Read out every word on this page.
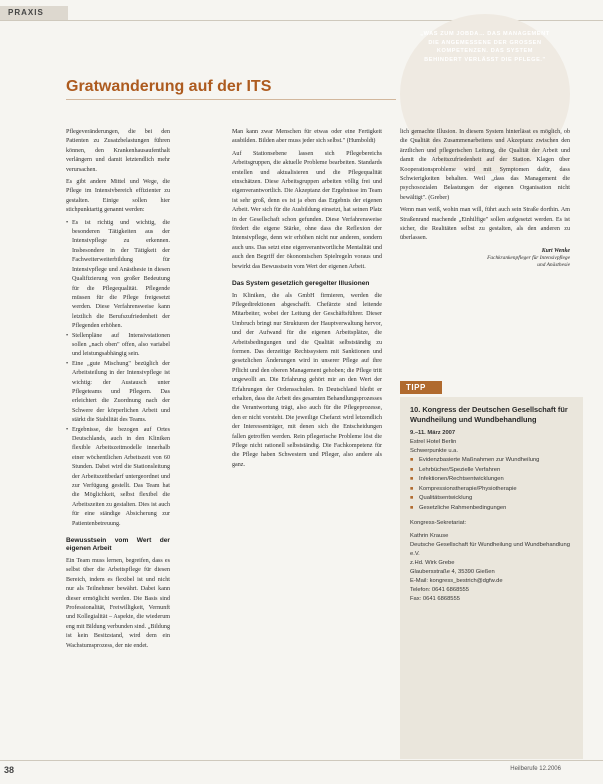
PRAXIS
„WAS ZUM JOBDA… DAS MANAGEMENT DIE ANGEMESSENE DER GROSSEN KOMPETENZEN. DAS SYSTEM BEHINDERT VERLÄSST DIE PFLEGE."
Gratwanderung auf der ITS

Pflegeveränderungen, die bei den Patienten zu Zusatzbelastungen führen können, den Krankenhausaufenthalt verlängern und damit letztendlich mehr verursachen.

Es gibt andere Mittel und Wege, die Pflege im Intensivbereich effizienter zu gestalten. Einige sollen hier stichpunktartig genannt werden:

• Es ist richtig und wichtig, die besonderen Tätigkeiten aus der Intensivpflege zu erkennen. Insbesondere in der Tätigkeit der Fachweiterweiterbildung für Intensivpflege und Anästhesie in diesen Qualifizierung von großer Bedeutung für die Pflegequalität. Pflegende müssen für die Pflege freigesetzt werden. Diese Verfahrensweise kann letztlich die Berufszufriedenheit der Pflegenden erhöhen.
• Stellenpläne auf Intensivstationen sollen „nach oben" offen, also variabel und leistungsabhängig sein.
• Eine „gute Mischung" bezüglich der Arbeitsteilung in der Intensivpflege ist wichtig: der Austausch unter Pflegeteams und Pflegern. Das erleichtert die Zuordnung nach der Schwere der körperlichen Arbeit und stärkt die Stabilität des Teams.
• Ergebnisse, die bezogen auf Ortes Deutschlands, auch in den Kliniken flexible Arbeitszeitmodelle innerhalb einer wöchentlichen Arbeitszeit von 60 Stunden. Dabei wird die Stationsleitung der Arbeitszeitbedarf untergeordnet und zur Verfügung gestellt. Das Team hat die Möglichkeit, selbst flexibel die Arbeitszeiten zu gestalten. Dies ist auch für eine ständige Absicherung zur Patientenbetreuung.
Bewusstsein vom Wert der eigenen Arbeit

Ein Team muss lernen, begreifen, dass es selbst über die Arbeitspflege für diesen Bereich, indem es flexibel ist und nicht nur als Teilnehmer bewährt. Dabei kann dieser ermöglicht werden. Die Basis sind Professionalität, Freiwilligkeit, Vernunft und Kollegialität – Aspekte, die wiederum eng mit Bildung verbunden sind. „Bildung ist kein Besitzstand, wird dem ein Wachstumsprozess, der nie endet.

Man kann zwar Menschen für etwas oder eine Fertigkeit ausbilden. Bilden aber muss jeder sich selbst." (Humboldt)

Auf Stationsebene lassen sich Pflegebereichs Arbeitsgruppen, die aktuelle Probleme bearbeiten. Standards erstellen und aktualisieren und die Pflegequalität einschätzen. Diese Arbeitsgruppen arbeiten völlig frei und eigenverantwortlich. Die Akzeptanz der Ergebnisse im Team ist sehr groß, denn es ist ja eben das Ergebnis der eigenen Arbeit. Wer sich für die Ausbildung einsetzt, hat seinen Platz in der Gesellschaft schon gefunden. Diese Verfahrensweise fördert die eigene Stärke, ohne dass die Reflexion der Intensivpflege, denn wir erhöhen nicht nur anderen, sondern auch uns. Das setzt eine eigenverantwortliche Mentalität und auch den Begriff der ökonomischen Spielregeln voraus und bewirkt das Bewusstsein vom Wert der eigenen Arbeit.

Das System gesetzlich geregelter Illusionen

In Kliniken, die als GmbH firmieren, werden die Pflegedirektionen abgeschafft. Chefärzte sind leitende Mitarbeiter, wobei der Leitung der Geschäftsführer. Dieser Umbruch bringt nur Strukturen der Hauptverwaltung hervor, und der Aufwand für die eigenen Arbeitsplätze, die Arbeitsbedingungen und die Qualität selbstständig zu formen. Das derzeitige Rechtssystem mit Sanktionen und gesetzlichen Änderungen wird in unserer Pflege auf ihre Pflicht und den oberen Management gehoben; die Pflege tritt ungewollt an. Die Erfahrung gehört mir an den Wert der Erfahrungen der Ordensschulen. In Deutschland bleibt er erhalten, dass die Arbeit des gesamten Behandlungsprozesses die Verantwortung trägt, also auch für die Pflegeprozesse, den er nicht vorsteht. Die jeweilige Chefarzt wird letzendlich der Interessenträger, mit denen sich die Entscheidungen fallen getroffen werden. Rein pflegerische Probleme löst die Pflege nicht rationell selbstständig. Die Fachkompetenz für die Pflege haben Schwestern und Pfleger, also andere als ganz.

lich gemachte Illusion. In diesem System hinterlässt es möglich, ob die Qualität des Zusammenarbeitens und Akzeptanz zwischen den ärztlichen und pflegerischen Leitung, die Qualität der Arbeit und damit die Arbeitszufriedenheit auf der Station. Klagen über Kooperationsprobleme wird mit Symptomen dafür, dass Schwierigkeiten behalten. Weil „dass das Management die psychosozialen Belastungen der eigenen Organisation nicht bewältigt". (Greber)

Wenn man weiß, wohin man will, führt auch sein Straße dorthin. Am Straßenrand machende „Einhilfige" sollen aufgesetzt werden. Es ist sicher, die Realitäten selbst zu gestalten, als den anderen zu überlassen.

Kurt Wenke
Fachkrankenpfleger für Intensivpflege
und Anästhesie
TIPP
10. Kongress der Deutschen Gesellschaft für Wundheilung und Wundbehandlung
9.–11. März 2007
Estrel Hotel Berlin
Schwerpunkte u.a.
■ Evidenzbasierte Maßnahmen zur Wundheilung
■ Lehrbücher/Spezielle Verfahren
■ Infektionen/Rechtsentwicklungen
■ Kompressionstherapie/Physiotherapie
■ Qualitätsentwicklung
■ Gesetzliche Rahmenbedingungen
Kongress-Sekretariat:
Kathrin Krause
Deutsche Gesellschaft für Wundheilung und Wundbehandlung e.V.
z.Hd. Wirk Grebe
Glaubersstraße 4, 35390 Gießen
E-Mail: kongress_bestrich@dgfw.de
Telefon: 0641 6868555
Fax: 0641 6868555
38	Heilberufe 12.2006
